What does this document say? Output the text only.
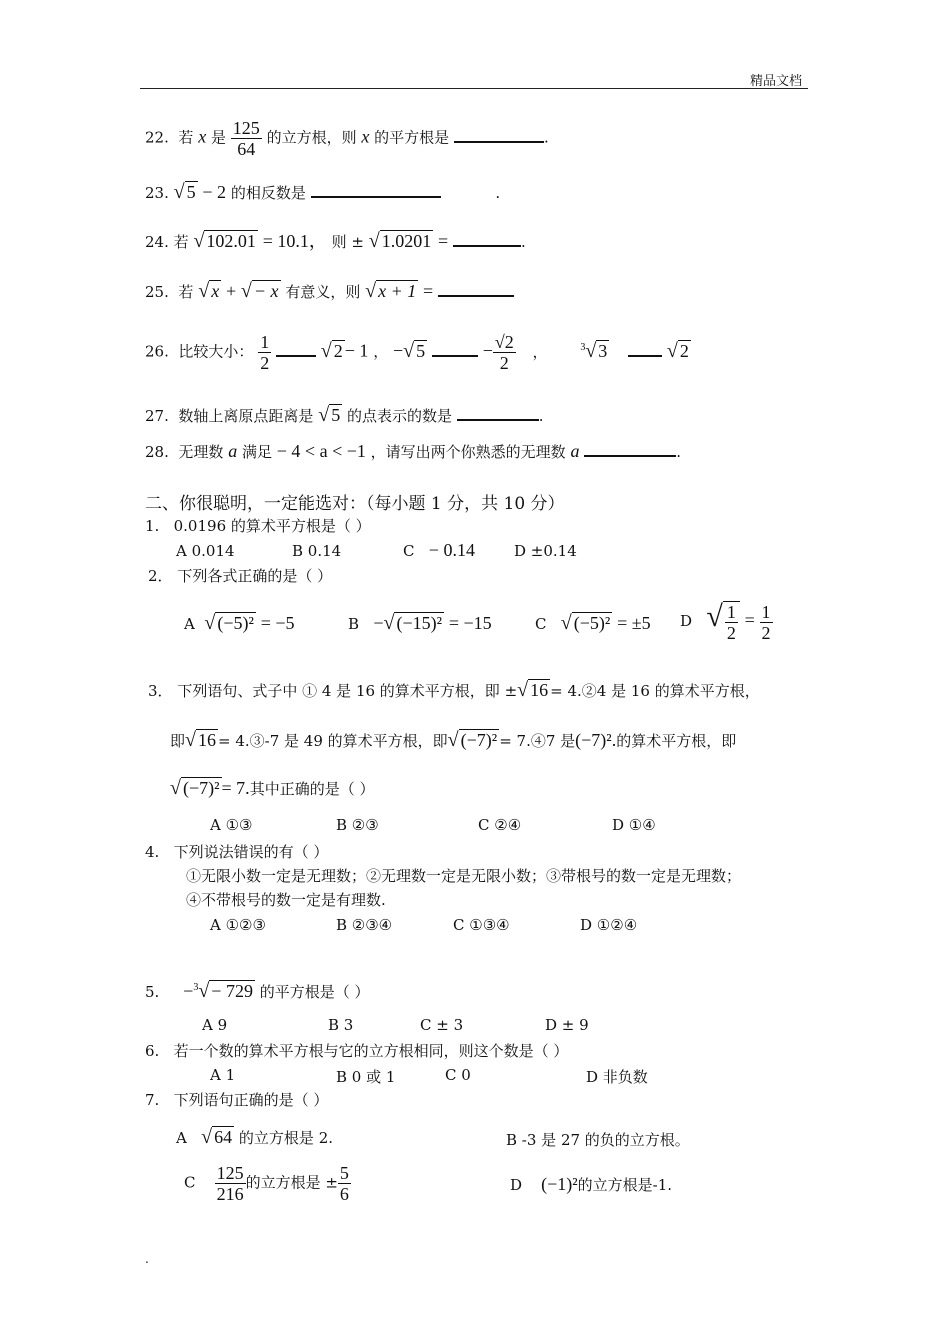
精品文档
22. 若 x 是 $\frac{125}{64}$ 的立方根，则 x 的平方根是	.
23. √ 5 − 2 的相反数是	.
24. 若 √ 102.01 = 10.1， 则 ± √ 1.0201 =	.
25. 若 √ x + √ − x 有意义，则 √ x + 1 =
26. 比较大小： $\frac{1}{2}$ √ 2 − 1 ， −√ 5	− $\frac{√2}{2}$ ，	$^3$√ 3	√ 2
27. 数轴上离原点距离是 √ 5 的点表示的数是	.
28. 无理数 a 满足 − 4 < a < −1 ，请写出两个你熟悉的无理数 a	.
二、你很聪明，一定能选对：（每小题 1 分，共 10 分）
1. 0.0196 的算术平方根是（ ）
A 0.014	B 0.14	C − 0.14	D ±0.14
2． 下列各式正确的是（ ）
A √ (−5)² = −5	B −√ (−15)² = −15	C √ (−5)² = ±5 D √ $\frac{1}{2} = \frac{1}{2}$
3． 下列语句、式子中 ① 4 是 16 的算术平方根，即 ±√ 16 = 4.②4 是 16 的算术平方根，
即√ 16 = 4.③-7 是 49 的算术平方根，即√ (−7)² = 7.④7 是(−7)².的算术平方根，即
√ (−7)² = 7.其中正确的是（ ）
A ①③	B ②③	C ②④	D ①④
4. 下列说法错误的有（ ）
①无限小数一定是无理数；②无理数一定是无限小数；③带根号的数一定是无理数；
④不带根号的数一定是有理数.
A ①②③	B ②③④	C ①③④	D ①②④
5. −$^3$√ − 729 的平方根是（ ）
A 9	B 3	C ± 3	D ± 9
6. 若一个数的算术平方根与它的立方根相同，则这个数是（ ）
A 1	B 0 或 1	C 0	D 非负数
7. 下列语句正确的是（ ）
A √ 64 的立方根是 2.	B -3 是 27 的负的立方根。
C $\frac{125}{216}$ 的立方根是 ± $\frac{5}{6}$	D (−1)²的立方根是-1.
.
